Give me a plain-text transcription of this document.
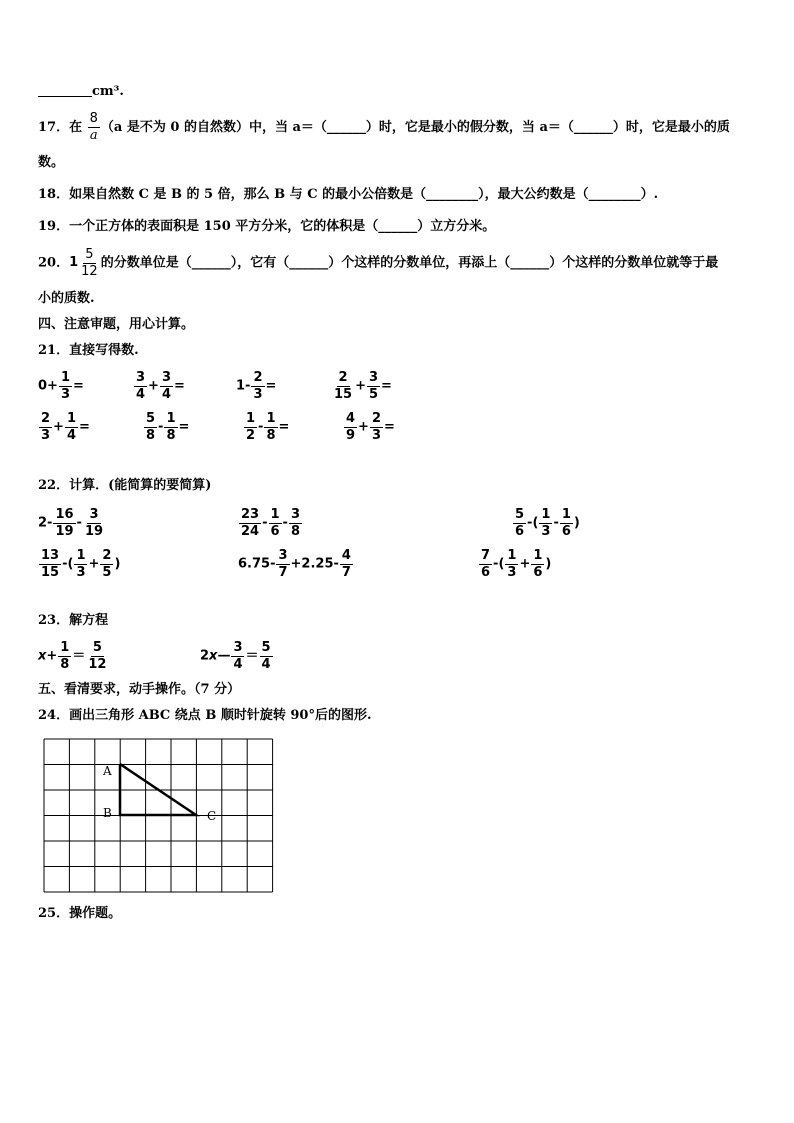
cm³.
17．在 $\frac{8}{a} (a$ 是不为 0 的自然数）中，当 a＝（______）时，它是最小的假分数，当 a＝（______）时，它是最小的质
数。
18．如果自然数 C 是 B 的 5 倍，那么 B 与 C 的最小公倍数是（________），最大公约数是（________）.
19．一个正方体的表面积是 150 平方分米，它的体积是（______）立方分米。
20．$1 \frac{5}{12}$ 的分数单位是（______），它有（______）个这样的分数单位，再添上（______）个这样的分数单位就等于最
小的质数.
四、注意审题，用心计算。
21．直接写得数.
$0+ \frac{1}{3}$ =	$\frac{3}{4} + \frac{3}{4}$ =	$1- \frac{2}{3}$ =	$\frac{2}{15} + \frac{3}{5}$ =
$\frac{2}{3} + \frac{1}{4}$ =	$\frac{5}{8} - \frac{1}{8}$ =	$\frac{1}{2} - \frac{1}{8}$ =	$\frac{4}{9} + \frac{2}{3}$ =
22．计算．(能简算的要简算)
$2- \frac{16}{19} - \frac{3}{19}$	$\frac{23}{24} - \frac{1}{6} - \frac{3}{8}$	$\frac{5}{6}$ -( $\frac{1}{3} - \frac{1}{6}$ )
$\frac{13}{15}$ -( $\frac{1}{3} + \frac{2}{5}$ )	$6.75- \frac{3}{7} +2.25- \frac{4}{7}$	$\frac{7}{6}$ -( $\frac{1}{3} + \frac{1}{6}$ )
23．解方程
$x+ \frac{1}{8} = \frac{5}{12}$	2x— $\frac{3}{4} = \frac{5}{4}$
五、看清要求，动手操作。（7 分）
24．画出三角形 ABC 绕点 B 顺时针旋转 90°后的图形.
A
B	C
25．操作题。
